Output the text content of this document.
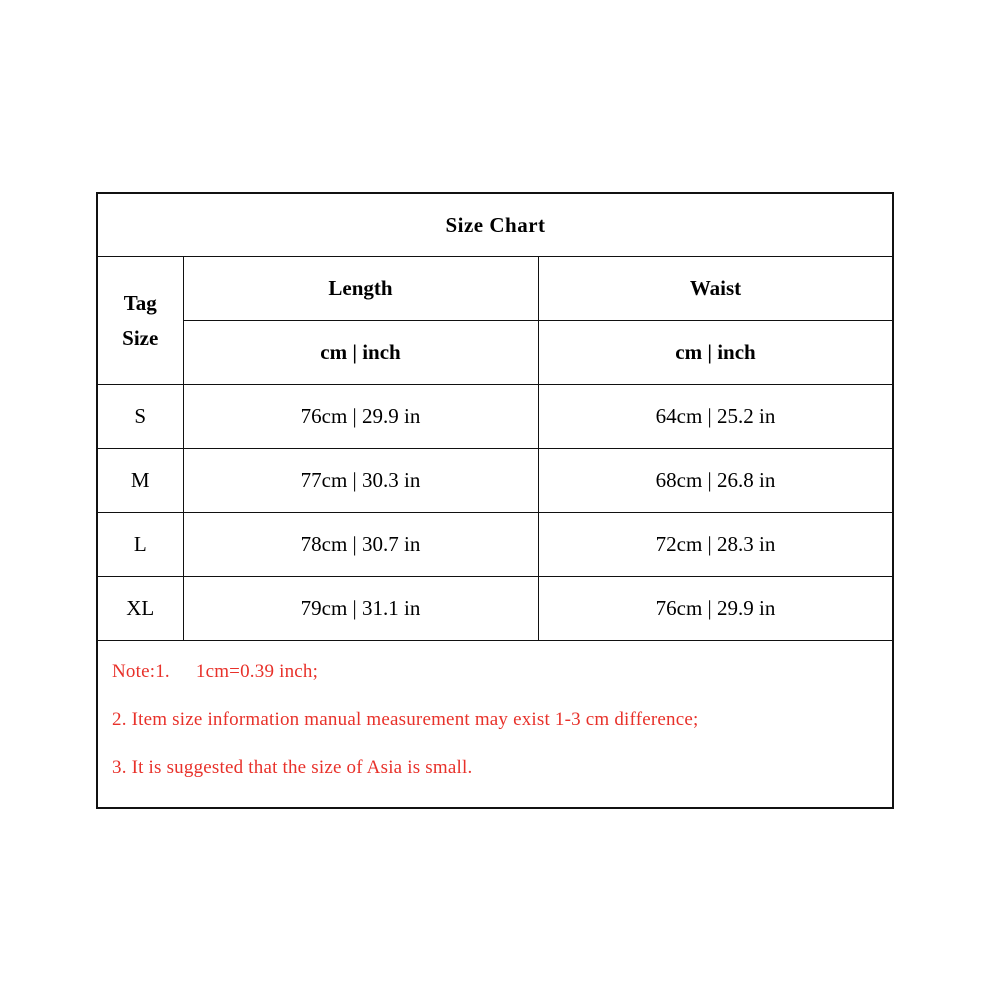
Size Chart		

Tag
Size	Length	Waist
	cm | inch	cm | inch
S	76cm | 29.9 in	64cm | 25.2 in
M	77cm | 30.3 in	68cm | 26.8 in
L	78cm | 30.7 in	72cm | 28.3 in
XL	79cm | 31.1 in	76cm | 29.9 in

Note:1. 1cm=0.39 inch;

2. Item size information manual measurement may exist 1-3 cm difference;

3. It is suggested that the size of Asia is small.
